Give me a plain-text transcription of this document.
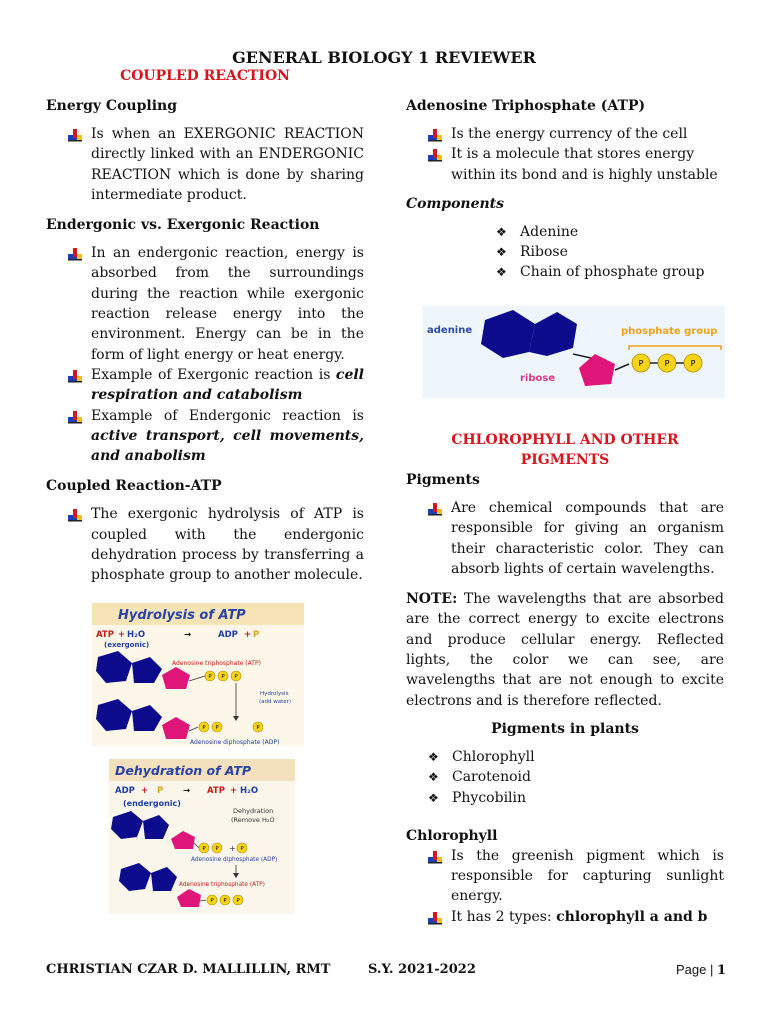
GENERAL BIOLOGY 1 REVIEWER
COUPLED REACTION
Energy Coupling
Is when an EXERGONIC REACTION directly linked with an ENDERGONIC REACTION which is done by sharing intermediate product.
Endergonic vs. Exergonic Reaction
In an endergonic reaction, energy is absorbed from the surroundings during the reaction while exergonic reaction release energy into the environment. Energy can be in the form of light energy or heat energy.
Example of Exergonic reaction is cell respiration and catabolism
Example of Endergonic reaction is active transport, cell movements, and anabolism
Coupled Reaction-ATP
The exergonic hydrolysis of ATP is coupled with the endergonic dehydration process by transferring a phosphate group to another molecule.
Hydrolysis of ATP
ATP + H₂O	→	ADP + P
(exergonic)
Adenosine triphosphate (ATP)
P P P
Hydrolysis
(add water)
P P	P
Adenosine diphosphate (ADP)
Dehydration of ATP
ADP + P → ATP + H₂O
(endergonic)
Dehydration
(Remove H₂O
P P	P
+
Adenosine diphosphate (ADP)
Adenosine triphosphate (ATP)
P P P
Adenosine Triphosphate (ATP)
Is the energy currency of the cell
It is a molecule that stores energy within its bond and is highly unstable
Components
❖ Adenine
❖ Ribose
❖ Chain of phosphate group
adenine
ribose
phosphate group
P	P	P
CHLOROPHYLL AND OTHER
PIGMENTS
Pigments
Are chemical compounds that are responsible for giving an organism their characteristic color. They can absorb lights of certain wavelengths.
NOTE: The wavelengths that are absorbed are the correct energy to excite electrons and produce cellular energy. Reflected lights, the color we can see, are wavelengths that are not enough to excite electrons and is therefore reflected.
Pigments in plants
❖ Chlorophyll
❖ Carotenoid
❖ Phycobilin
Chlorophyll
Is the greenish pigment which is responsible for capturing sunlight energy.
It has 2 types: chlorophyll a and b
CHRISTIAN CZAR D. MALLILLIN, RMT	S.Y. 2021-2022	Page | 1
